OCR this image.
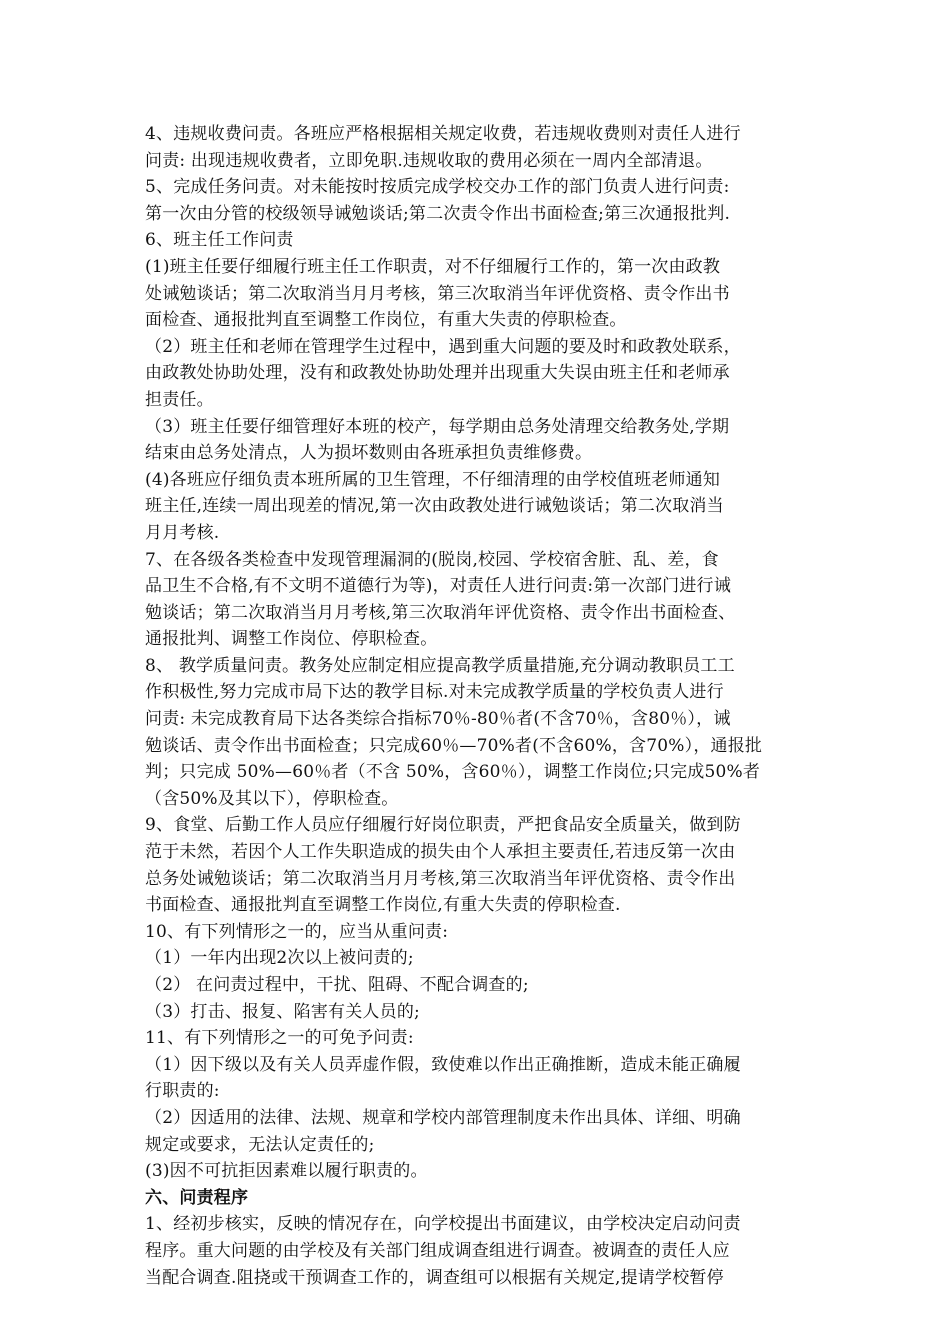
4、违规收费问责。各班应严格根据相关规定收费，若违规收费则对责任人进行
问责: 出现违规收费者，立即免职.违规收取的费用必须在一周内全部清退。
5、完成任务问责。对未能按时按质完成学校交办工作的部门负责人进行问责:
第一次由分管的校级领导诫勉谈话;第二次责令作出书面检查;第三次通报批判.
6、班主任工作问责
(1)班主任要仔细履行班主任工作职责，对不仔细履行工作的，第一次由政教
处诫勉谈话；第二次取消当月月考核，第三次取消当年评优资格、责令作出书
面检查、通报批判直至调整工作岗位，有重大失责的停职检查。
（2）班主任和老师在管理学生过程中，遇到重大问题的要及时和政教处联系，
由政教处协助处理，没有和政教处协助处理并出现重大失误由班主任和老师承
担责任。
（3）班主任要仔细管理好本班的校产，每学期由总务处清理交给教务处,学期
结束由总务处清点，人为损坏数则由各班承担负责维修费。
(4)各班应仔细负责本班所属的卫生管理，不仔细清理的由学校值班老师通知
班主任,连续一周出现差的情况,第一次由政教处进行诫勉谈话；第二次取消当
月月考核.
7、在各级各类检查中发现管理漏洞的(脱岗,校园、学校宿舍脏、乱、差，食
品卫生不合格,有不文明不道德行为等)，对责任人进行问责:第一次部门进行诫
勉谈话；第二次取消当月月考核,第三次取消年评优资格、责令作出书面检查、
通报批判、调整工作岗位、停职检查。
8、 教学质量问责。教务处应制定相应提高教学质量措施,充分调动教职员工工
作积极性,努力完成市局下达的教学目标.对未完成教学质量的学校负责人进行
问责: 未完成教育局下达各类综合指标70％-80％者(不含70％，含80％），诫
勉谈话、责令作出书面检查；只完成60％—70%者(不含60%，含70%），通报批
判；只完成 50%—60％者（不含 50%，含60％），调整工作岗位;只完成50%者
（含50%及其以下），停职检查。
9、食堂、后勤工作人员应仔细履行好岗位职责，严把食品安全质量关，做到防
范于未然，若因个人工作失职造成的损失由个人承担主要责任,若违反第一次由
总务处诫勉谈话；第二次取消当月月考核,第三次取消当年评优资格、责令作出
书面检查、通报批判直至调整工作岗位,有重大失责的停职检查.
10、有下列情形之一的，应当从重问责:
（1）一年内出现2次以上被问责的;
（2） 在问责过程中，干扰、阻碍、不配合调查的;
（3）打击、报复、陷害有关人员的;
11、有下列情形之一的可免予问责:
（1）因下级以及有关人员弄虚作假，致使难以作出正确推断，造成未能正确履
行职责的:
（2）因适用的法律、法规、规章和学校内部管理制度未作出具体、详细、明确
规定或要求，无法认定责任的;
(3)因不可抗拒因素难以履行职责的。
六、问责程序
1、经初步核实，反映的情况存在，向学校提出书面建议，由学校决定启动问责
程序。重大问题的由学校及有关部门组成调查组进行调查。被调查的责任人应
当配合调查.阻挠或干预调查工作的，调查组可以根据有关规定,提请学校暂停
